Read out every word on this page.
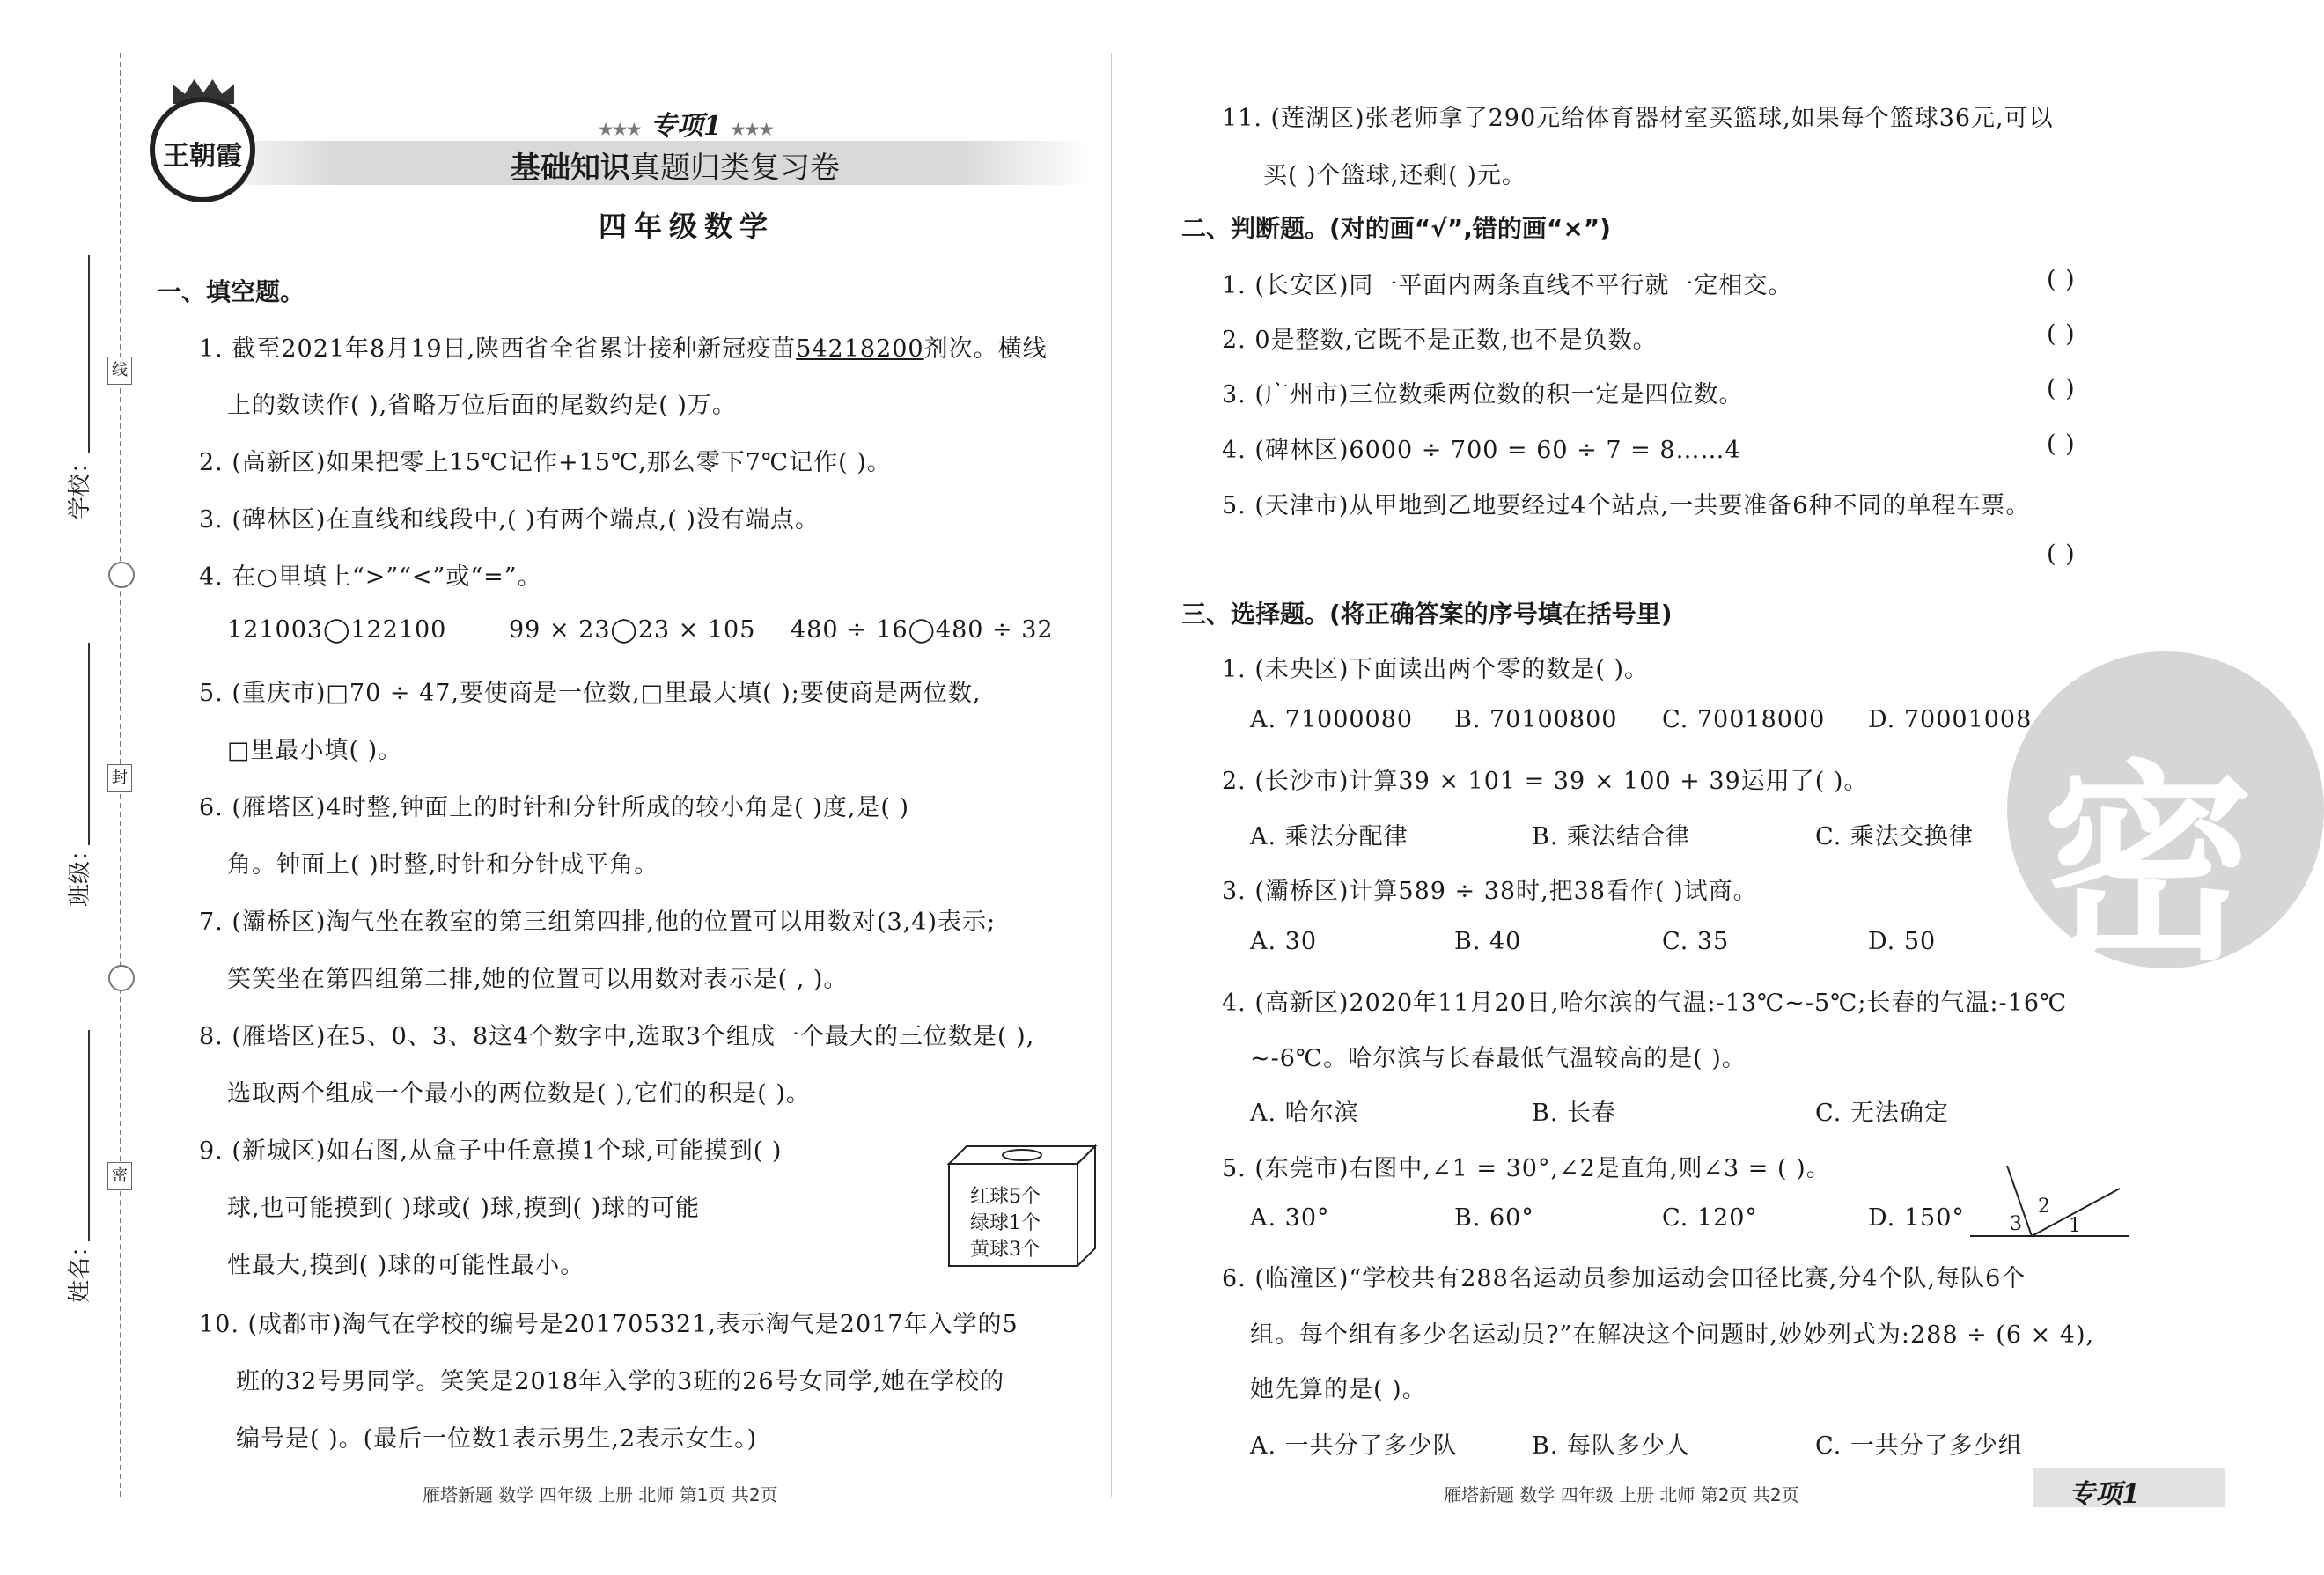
线
封
密
学校：
班级：
姓名：
王朝霞
★★★ 专项1 ★★★
基础知识真题归类复习卷
四年级数学
一、填空题。
1. 截至2021年8月19日,陕西省全省累计接种新冠疫苗54218200剂次。横线
上的数读作( ),省略万位后面的尾数约是( )万。
2. (高新区)如果把零上15℃记作+15℃,那么零下7℃记作( )。
3. (碑林区)在直线和线段中,( )有两个端点,( )没有端点。
4. 在○里填上“>”“<”或“=”。
121003◯122100	99 × 23◯23 × 105 480 ÷ 16◯480 ÷ 32
5. (重庆市)□70 ÷ 47,要使商是一位数,□里最大填( );要使商是两位数,
□里最小填( )。
6. (雁塔区)4时整,钟面上的时针和分针所成的较小角是( )度,是( )
角。钟面上( )时整,时针和分针成平角。
7. (灞桥区)淘气坐在教室的第三组第四排,他的位置可以用数对(3,4)表示;
笑笑坐在第四组第二排,她的位置可以用数对表示是( , )。
8. (雁塔区)在5、0、3、8这4个数字中,选取3个组成一个最大的三位数是( ),
选取两个组成一个最小的两位数是( ),它们的积是( )。
9. (新城区)如右图,从盒子中任意摸1个球,可能摸到( )
球,也可能摸到( )球或( )球,摸到( )球的可能
性最大,摸到( )球的可能性最小。
红球5个
绿球1个
黄球3个
10. (成都市)淘气在学校的编号是201705321,表示淘气是2017年入学的5
班的32号男同学。笑笑是2018年入学的3班的26号女同学,她在学校的
编号是( )。(最后一位数1表示男生,2表示女生。)
雁塔新题 数学 四年级 上册 北师 第1页 共2页
11. (莲湖区)张老师拿了290元给体育器材室买篮球,如果每个篮球36元,可以
买( )个篮球,还剩( )元。
二、判断题。(对的画“√”,错的画“×”)
1. (长安区)同一平面内两条直线不平行就一定相交。	( )
2. 0是整数,它既不是正数,也不是负数。	( )
3. (广州市)三位数乘两位数的积一定是四位数。	( )
4. (碑林区)6000 ÷ 700 = 60 ÷ 7 = 8……4	( )
5. (天津市)从甲地到乙地要经过4个站点,一共要准备6种不同的单程车票。
( )
三、选择题。(将正确答案的序号填在括号里)
1. (未央区)下面读出两个零的数是( )。
A. 71000080 B. 70100800 C. 70018000 D. 70001008
2. (长沙市)计算39 × 101 = 39 × 100 + 39运用了( )。
A. 乘法分配律	B. 乘法结合律	C. 乘法交换律
3. (灞桥区)计算589 ÷ 38时,把38看作( )试商。
A. 30	B. 40	C. 35	D. 50
4. (高新区)2020年11月20日,哈尔滨的气温:-13℃~-5℃;长春的气温:-16℃
~-6℃。哈尔滨与长春最低气温较高的是( )。
A. 哈尔滨	B. 长春	C. 无法确定
5. (东莞市)右图中,∠1 = 30°,∠2是直角,则∠3 = ( )。
A. 30°	B. 60°	C. 120°	D. 150° 3
2
1
6. (临潼区)“学校共有288名运动员参加运动会田径比赛,分4个队,每队6个
组。每个组有多少名运动员?”在解决这个问题时,妙妙列式为:288 ÷ (6 × 4),
她先算的是( )。
A. 一共分了多少队	B. 每队多少人	C. 一共分了多少组
密
雁塔新题 数学 四年级 上册 北师 第2页 共2页	专项1
